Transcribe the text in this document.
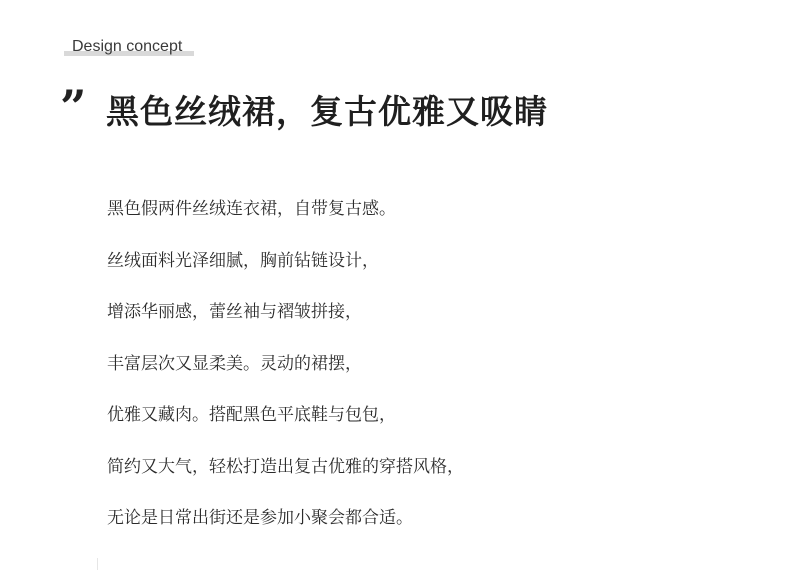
Design concept
” 黑色丝绒裙，复古优雅又吸睛
黑色假两件丝绒连衣裙，自带复古感。
丝绒面料光泽细腻，胸前钻链设计，
增添华丽感，蕾丝袖与褶皱拼接，
丰富层次又显柔美。灵动的裙摆，
优雅又藏肉。搭配黑色平底鞋与包包，
简约又大气，轻松打造出复古优雅的穿搭风格，
无论是日常出街还是参加小聚会都合适。
